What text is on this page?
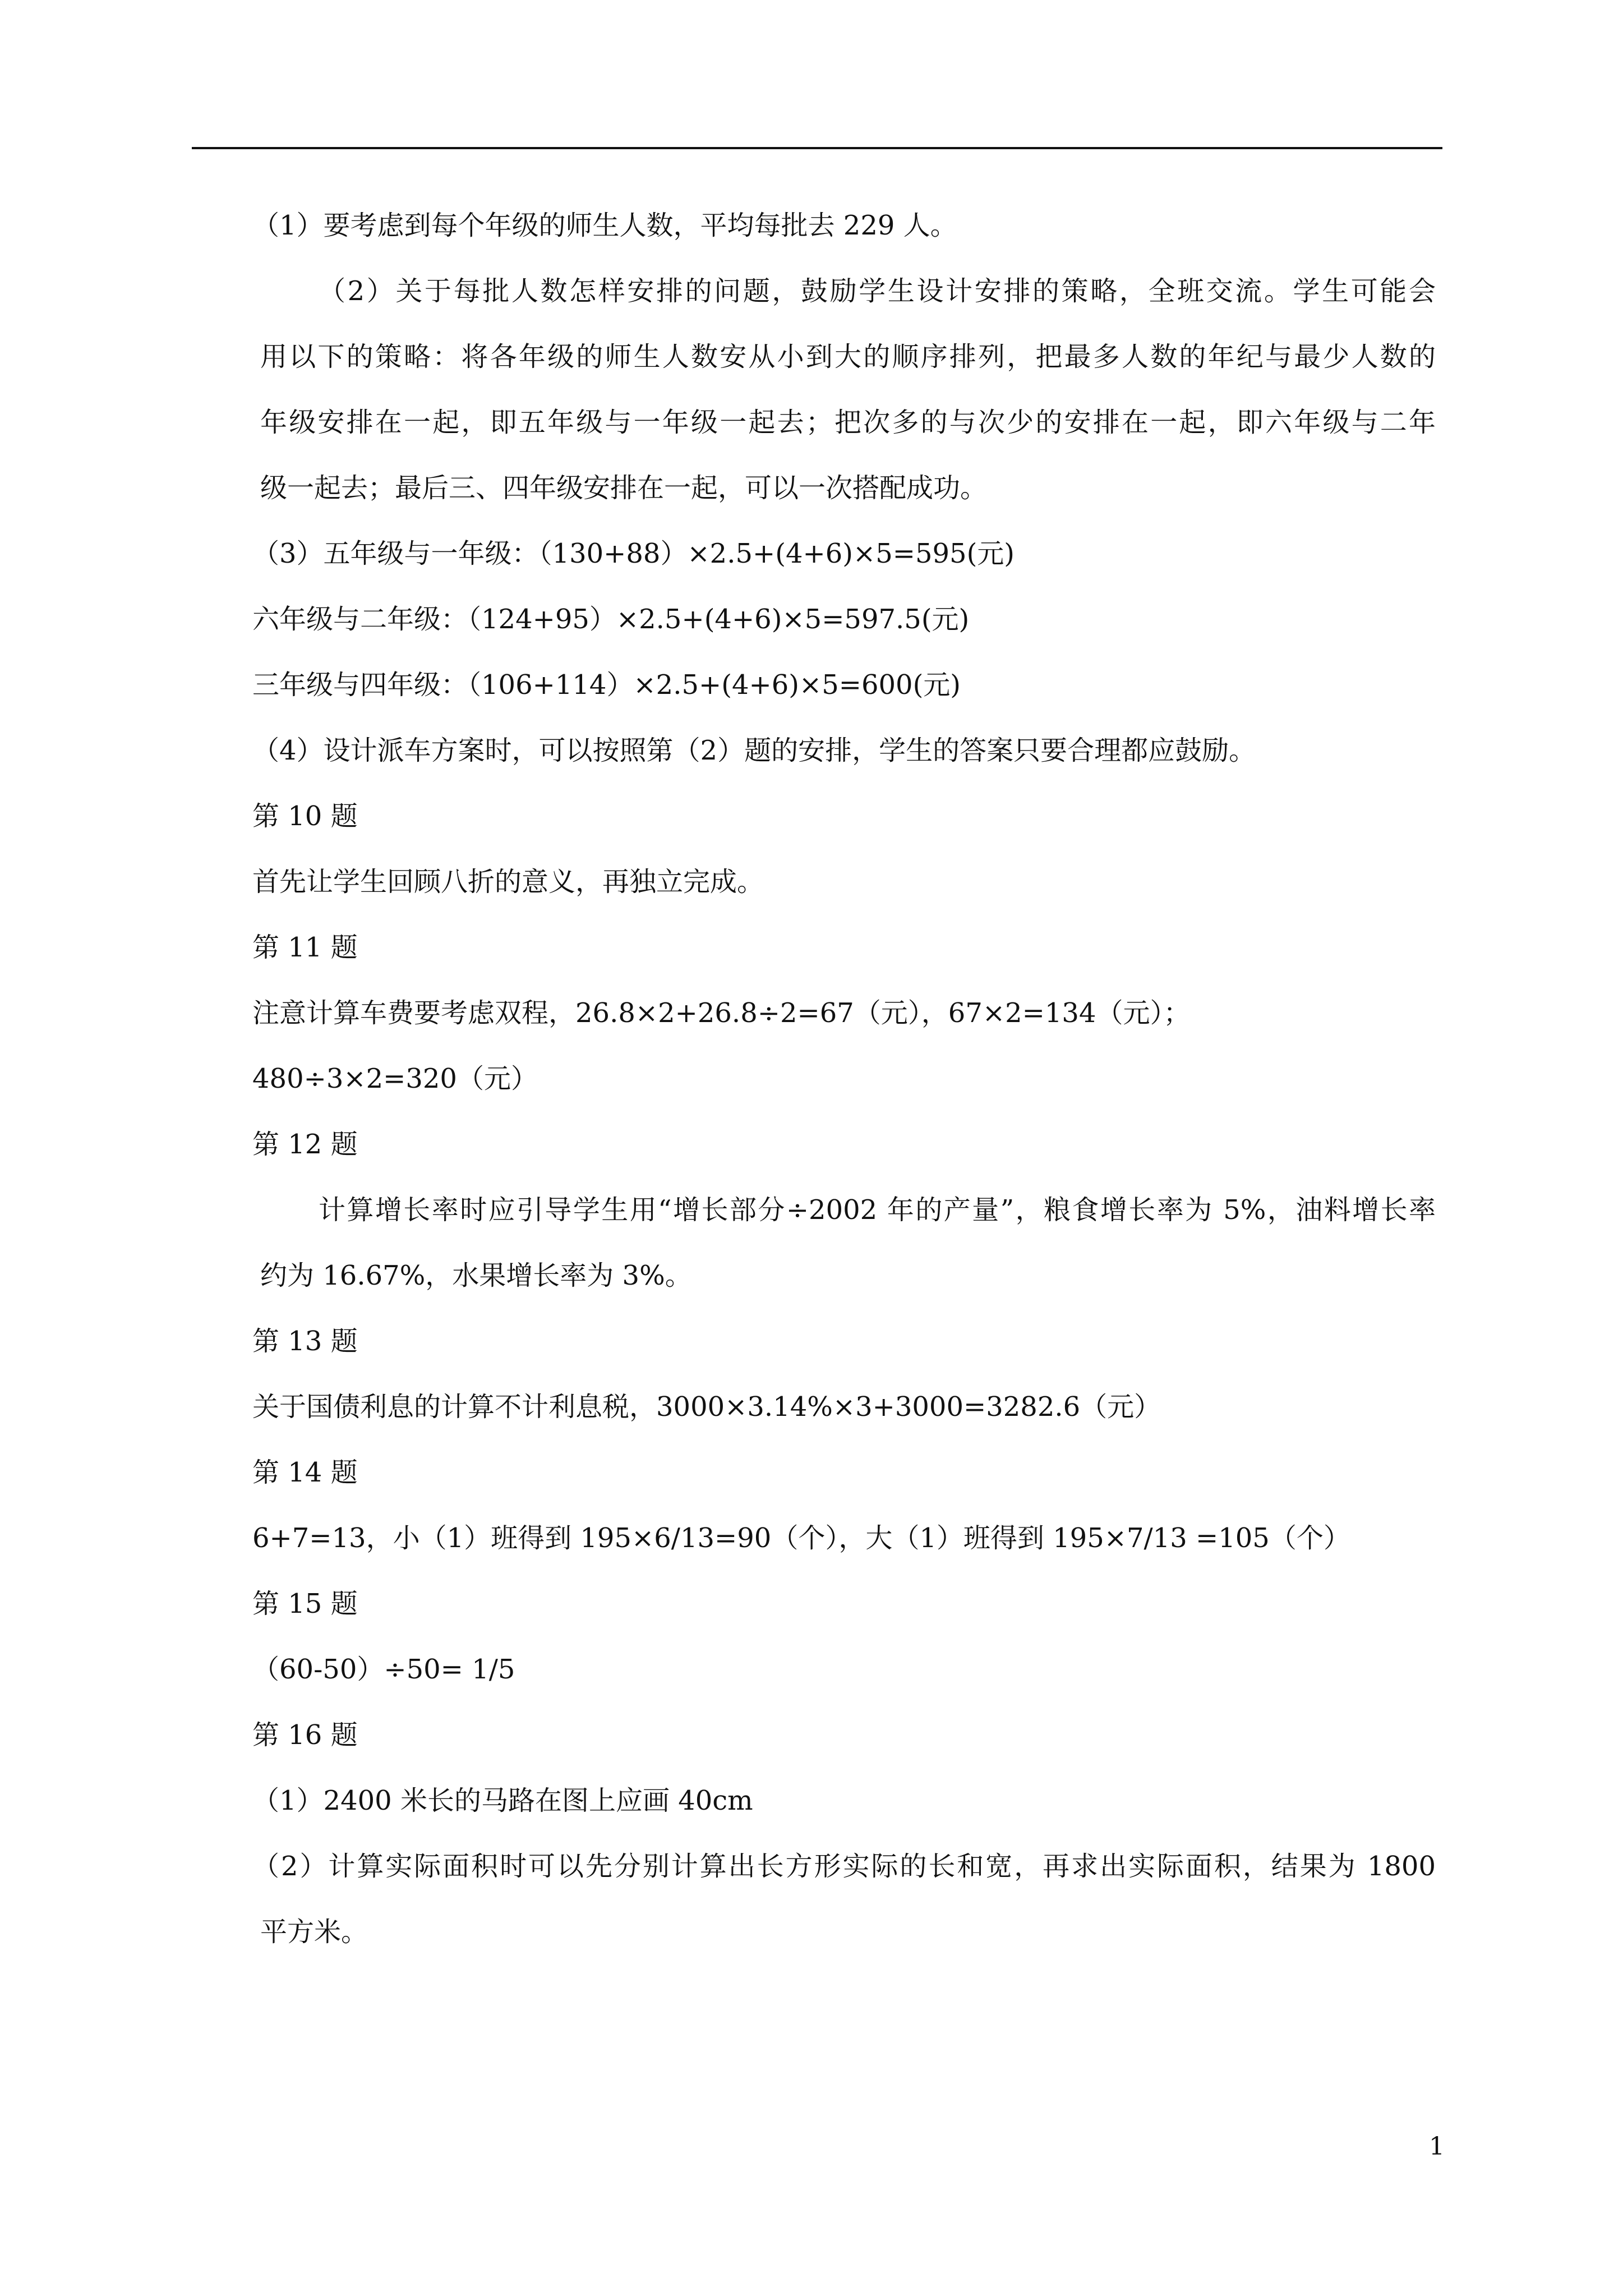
（1）要考虑到每个年级的师生人数，平均每批去 229 人。
（2）关于每批人数怎样安排的问题，鼓励学生设计安排的策略，全班交流。学生可能会
用以下的策略：将各年级的师生人数安从小到大的顺序排列，把最多人数的年纪与最少人数的
年级安排在一起，即五年级与一年级一起去；把次多的与次少的安排在一起，即六年级与二年
级一起去；最后三、四年级安排在一起，可以一次搭配成功。
（3）五年级与一年级：（130+88）×2.5+(4+6)×5=595(元)
六年级与二年级：（124+95）×2.5+(4+6)×5=597.5(元)
三年级与四年级：（106+114）×2.5+(4+6)×5=600(元)
（4）设计派车方案时，可以按照第（2）题的安排，学生的答案只要合理都应鼓励。
第 10 题
首先让学生回顾八折的意义，再独立完成。
第 11 题
注意计算车费要考虑双程，26.8×2+26.8÷2=67（元），67×2=134（元）；
480÷3×2=320（元）
第 12 题
计算增长率时应引导学生用“增长部分÷2002 年的产量”，粮食增长率为 5%，油料增长率
约为 16.67%，水果增长率为 3%。
第 13 题
关于国债利息的计算不计利息税，3000×3.14%×3+3000=3282.6（元）
第 14 题
6+7=13，小（1）班得到 195×6/13=90（个），大（1）班得到 195×7/13 =105（个）
第 15 题
（60-50）÷50= 1/5
第 16 题
（1）2400 米长的马路在图上应画 40cm
（2）计算实际面积时可以先分别计算出长方形实际的长和宽，再求出实际面积，结果为 1800
平方米。
1
